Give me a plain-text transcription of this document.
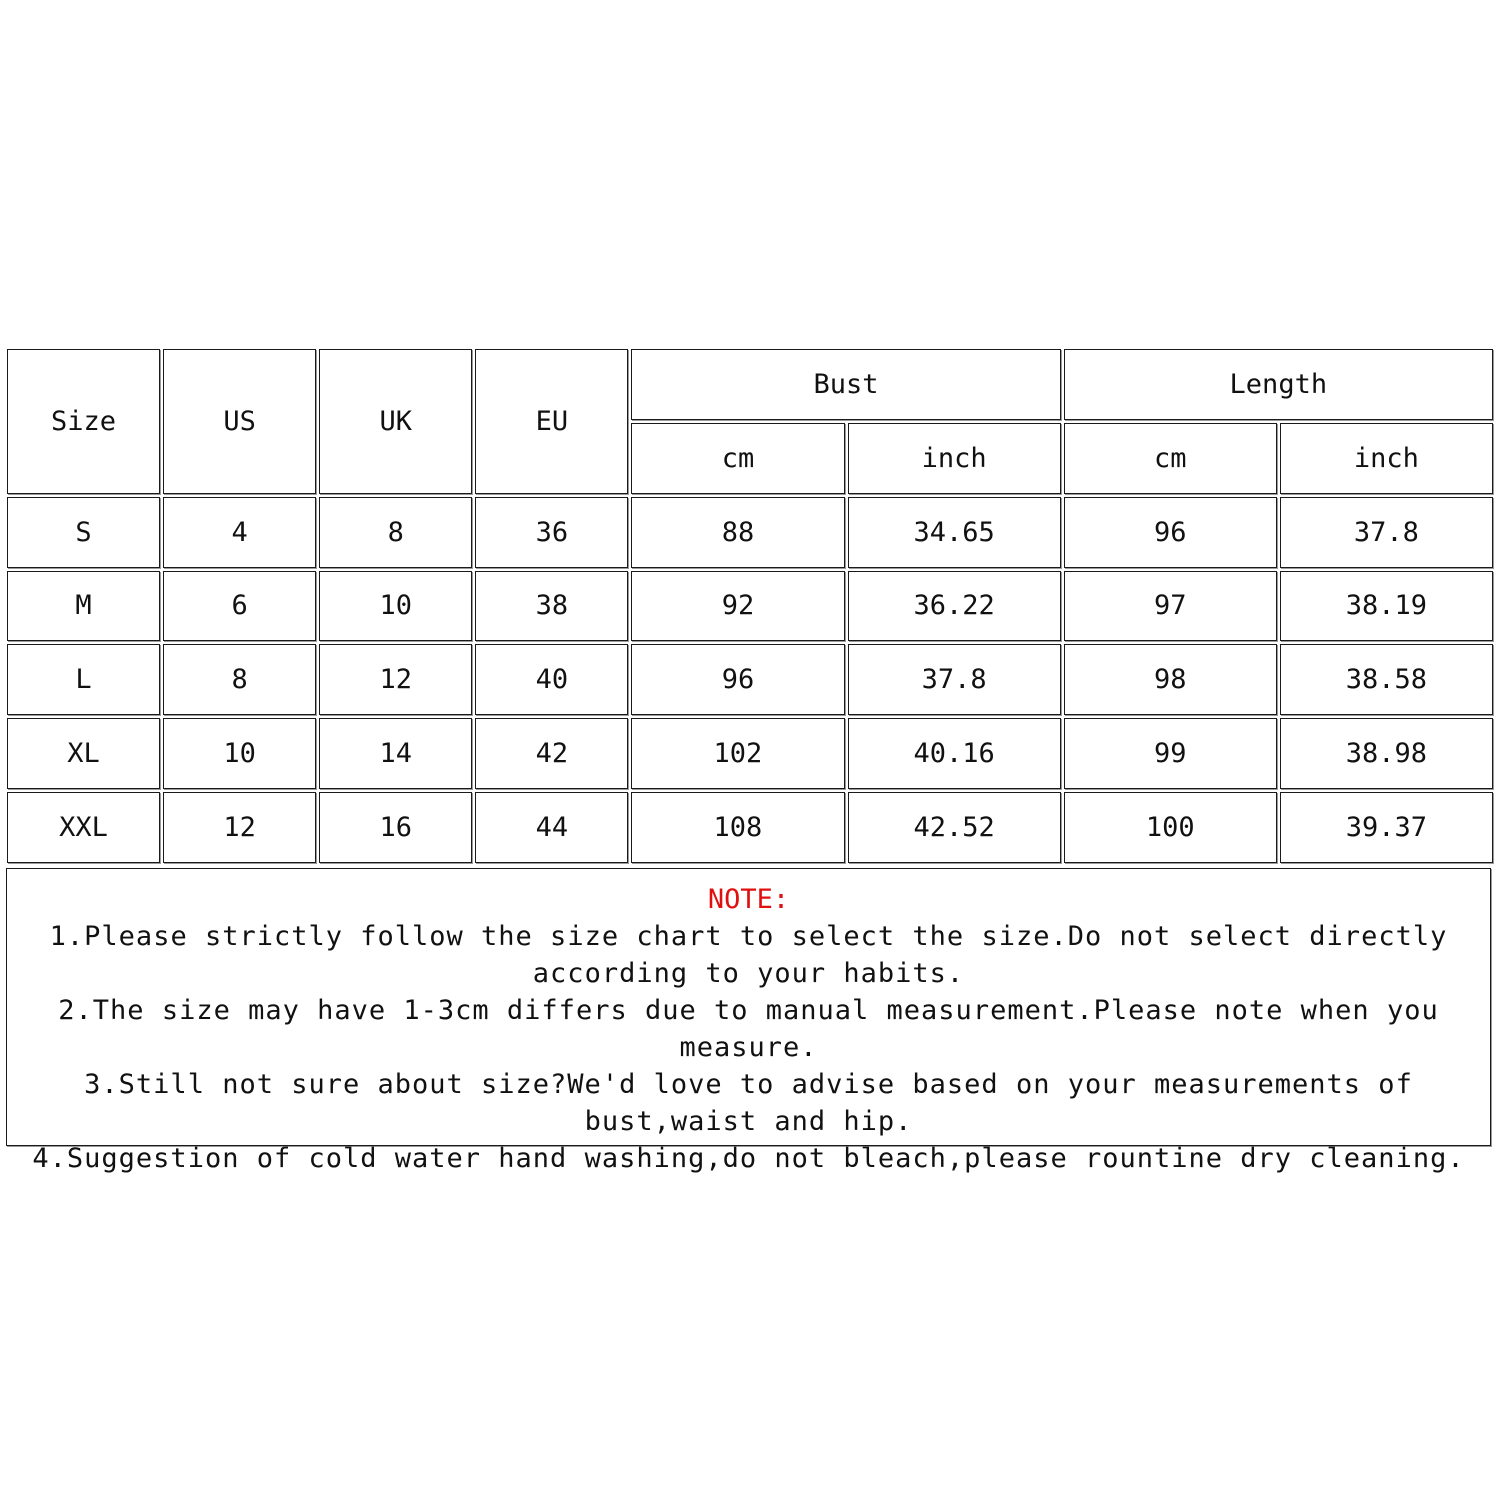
Size	US	UK	EU	Bust		Length	
				cm	inch	cm	inch
S	4	8	36	88	34.65	96	37.8
M	6	10	38	92	36.22	97	38.19
L	8	12	40	96	37.8	98	38.58
XL	10	14	42	102	40.16	99	38.98
XXL	12	16	44	108	42.52	100	39.37
NOTE:
1.Please strictly follow the size chart to select the size.Do not select directly according to your habits.
2.The size may have 1-3cm differs due to manual measurement.Please note when you measure.
3.Still not sure about size?We'd love to advise based on your measurements of bust,waist and hip.
4.Suggestion of cold water hand washing,do not bleach,please rountine dry cleaning.
